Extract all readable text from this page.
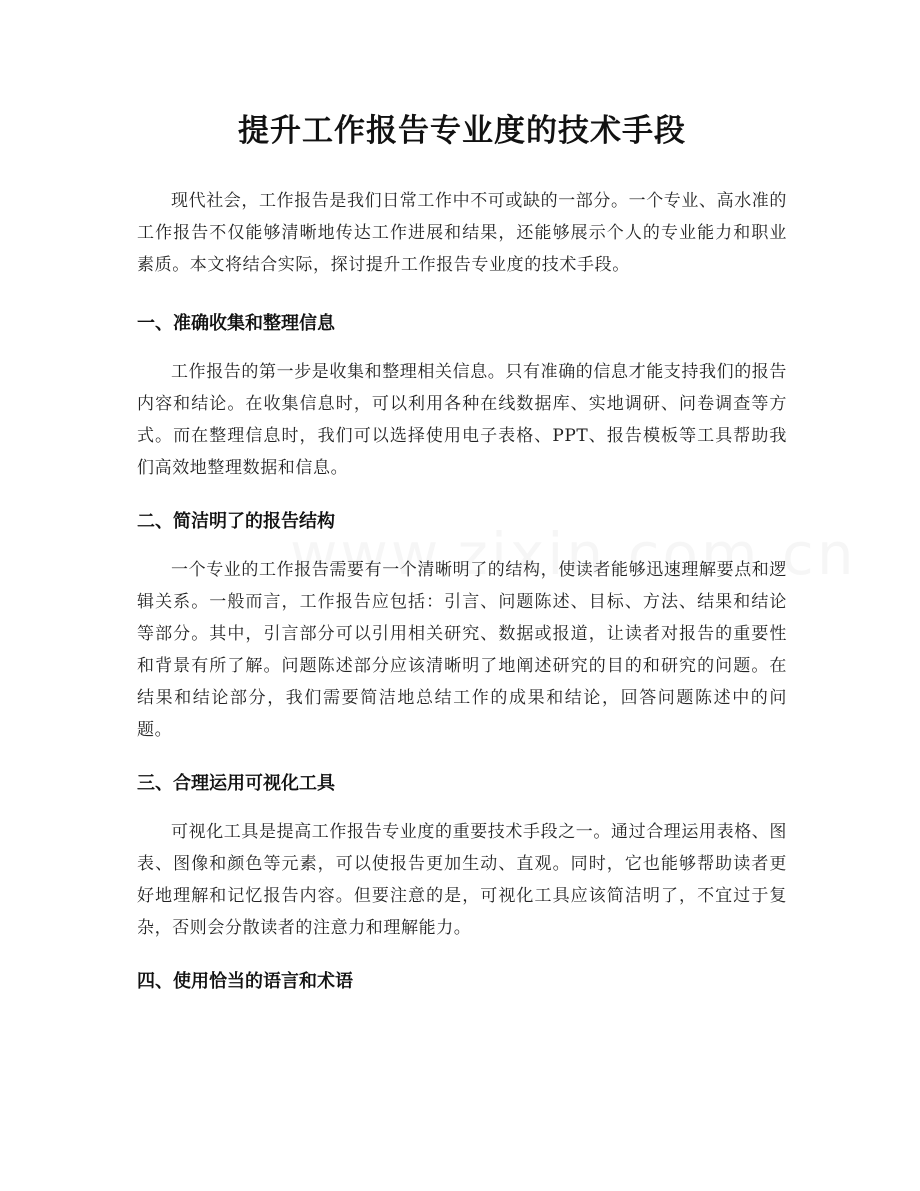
提升工作报告专业度的技术手段

现代社会，工作报告是我们日常工作中不可或缺的一部分。一个专业、高水准的工作报告不仅能够清晰地传达工作进展和结果，还能够展示个人的专业能力和职业素质。本文将结合实际，探讨提升工作报告专业度的技术手段。

一、准确收集和整理信息

工作报告的第一步是收集和整理相关信息。只有准确的信息才能支持我们的报告内容和结论。在收集信息时，可以利用各种在线数据库、实地调研、问卷调查等方式。而在整理信息时，我们可以选择使用电子表格、PPT、报告模板等工具帮助我们高效地整理数据和信息。

二、简洁明了的报告结构

一个专业的工作报告需要有一个清晰明了的结构，使读者能够迅速理解要点和逻辑关系。一般而言，工作报告应包括：引言、问题陈述、目标、方法、结果和结论等部分。其中，引言部分可以引用相关研究、数据或报道，让读者对报告的重要性和背景有所了解。问题陈述部分应该清晰明了地阐述研究的目的和研究的问题。在结果和结论部分，我们需要简洁地总结工作的成果和结论，回答问题陈述中的问题。

三、合理运用可视化工具

可视化工具是提高工作报告专业度的重要技术手段之一。通过合理运用表格、图表、图像和颜色等元素，可以使报告更加生动、直观。同时，它也能够帮助读者更好地理解和记忆报告内容。但要注意的是，可视化工具应该简洁明了，不宜过于复杂，否则会分散读者的注意力和理解能力。

四、使用恰当的语言和术语
